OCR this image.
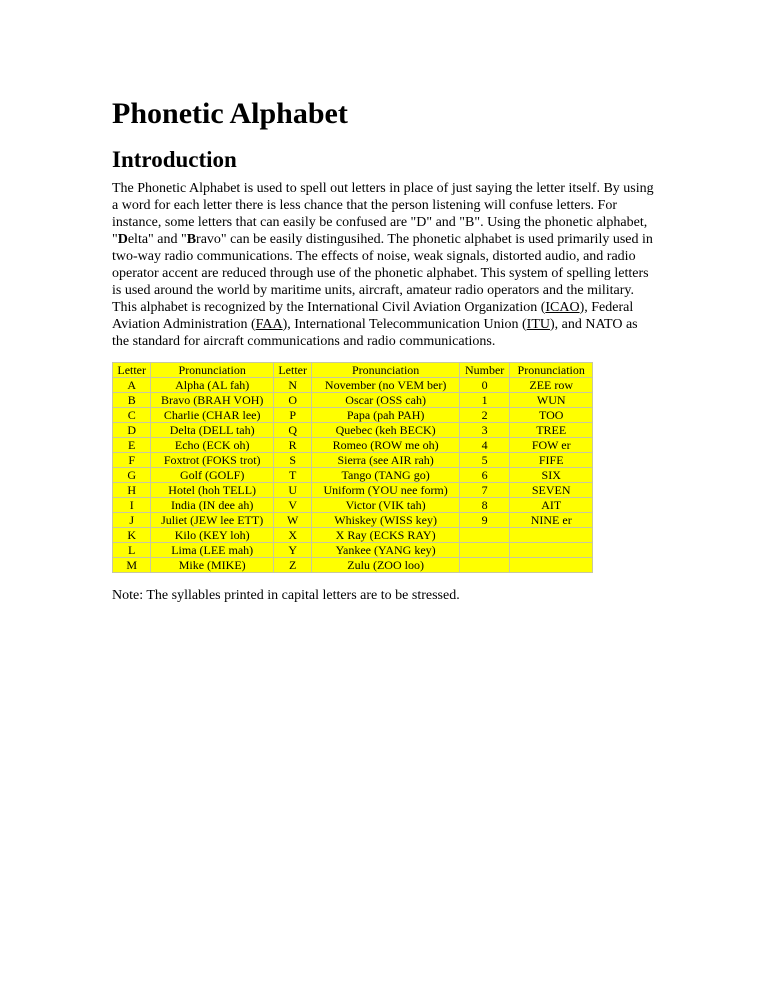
Phonetic Alphabet
Introduction

The Phonetic Alphabet is used to spell out letters in place of just saying the letter itself. By using a word for each letter there is less chance that the person listening will confuse letters. For instance, some letters that can easily be confused are "D" and "B". Using the phonetic alphabet, "Delta" and "Bravo" can be easily distingusihed. The phonetic alphabet is used primarily used in two-way radio communications. The effects of noise, weak signals, distorted audio, and radio operator accent are reduced through use of the phonetic alphabet. This system of spelling letters is used around the world by maritime units, aircraft, amateur radio operators and the military. This alphabet is recognized by the International Civil Aviation Organization (ICAO), Federal Aviation Administration (FAA), International Telecommunication Union (ITU), and NATO as the standard for aircraft communications and radio communications.

Letter	Pronunciation	Letter	Pronunciation	Number	Pronunciation
A	Alpha (AL fah)	N	November (no VEM ber)	0	ZEE row
B	Bravo (BRAH VOH)	O	Oscar (OSS cah)	1	WUN
C	Charlie (CHAR lee)	P	Papa (pah PAH)	2	TOO
D	Delta (DELL tah)	Q	Quebec (keh BECK)	3	TREE
E	Echo (ECK oh)	R	Romeo (ROW me oh)	4	FOW er
F	Foxtrot (FOKS trot)	S	Sierra (see AIR rah)	5	FIFE
G	Golf (GOLF)	T	Tango (TANG go)	6	SIX
H	Hotel (hoh TELL)	U	Uniform (YOU nee form)	7	SEVEN
I	India (IN dee ah)	V	Victor (VIK tah)	8	AIT
J	Juliet (JEW lee ETT)	W	Whiskey (WISS key)	9	NINE er
K	Kilo (KEY loh)	X	X Ray (ECKS RAY)		
L	Lima (LEE mah)	Y	Yankee (YANG key)		
M	Mike (MIKE)	Z	Zulu (ZOO loo)		

Note: The syllables printed in capital letters are to be stressed.
